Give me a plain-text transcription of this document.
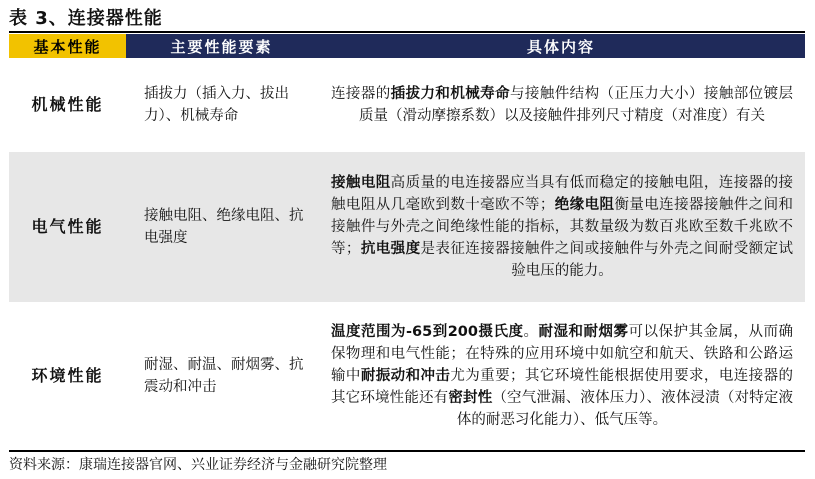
表 3、连接器性能
基本性能	主要性能要素	具体内容
机械性能	插拔力（插入力、拔出力）、机械寿命	连接器的插拔力和机械寿命与接触件结构（正压力大小）接触部位镀层质量（滑动摩擦系数）以及接触件排列尺寸精度（对准度）有关
电气性能	接触电阻、绝缘电阻、抗电强度	接触电阻高质量的电连接器应当具有低而稳定的接触电阻，连接器的接触电阻从几毫欧到数十毫欧不等；绝缘电阻衡量电连接器接触件之间和接触件与外壳之间绝缘性能的指标，其数量级为数百兆欧至数千兆欧不等；抗电强度是表征连接器接触件之间或接触件与外壳之间耐受额定试验电压的能力。
环境性能	耐湿、耐温、耐烟雾、抗震动和冲击	温度范围为-65到200摄氏度。耐湿和耐烟雾可以保护其金属，从而确保物理和电气性能；在特殊的应用环境中如航空和航天、铁路和公路运输中耐振动和冲击尤为重要；其它环境性能根据使用要求，电连接器的其它环境性能还有密封性（空气泄漏、液体压力）、液体浸渍（对特定液体的耐恶习化能力）、低气压等。
资料来源：康瑞连接器官网、兴业证券经济与金融研究院整理
